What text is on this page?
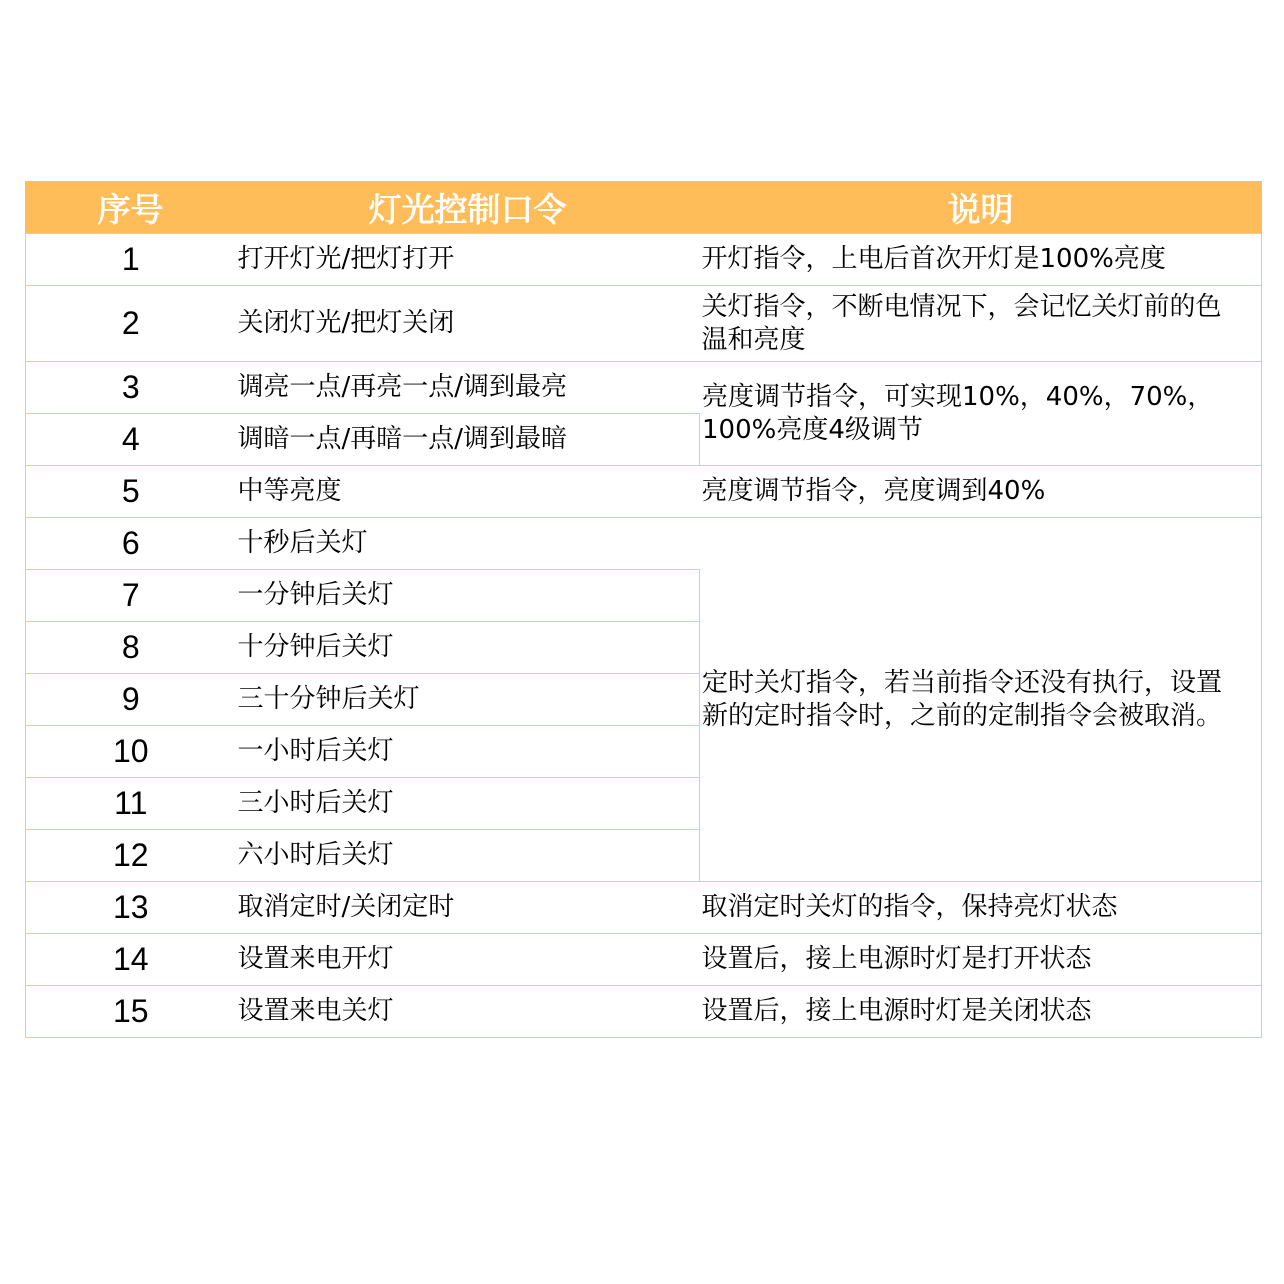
序号	灯光控制口令	说明
1	打开灯光/把灯打开	开灯指令，上电后首次开灯是100%亮度
2	关闭灯光/把灯关闭	关灯指令，不断电情况下，会记忆关灯前的色温和亮度
3	调亮一点/再亮一点/调到最亮	亮度调节指令，可实现10%，40%，70%，100%亮度4级调节
4	调暗一点/再暗一点/调到最暗	
5	中等亮度	亮度调节指令，亮度调到40%
6	十秒后关灯	定时关灯指令，若当前指令还没有执行，设置新的定时指令时，之前的定制指令会被取消。
7	一分钟后关灯	
8	十分钟后关灯	
9	三十分钟后关灯	
10	一小时后关灯	
11	三小时后关灯	
12	六小时后关灯	
13	取消定时/关闭定时	取消定时关灯的指令，保持亮灯状态
14	设置来电开灯	设置后，接上电源时灯是打开状态
15	设置来电关灯	设置后，接上电源时灯是关闭状态
